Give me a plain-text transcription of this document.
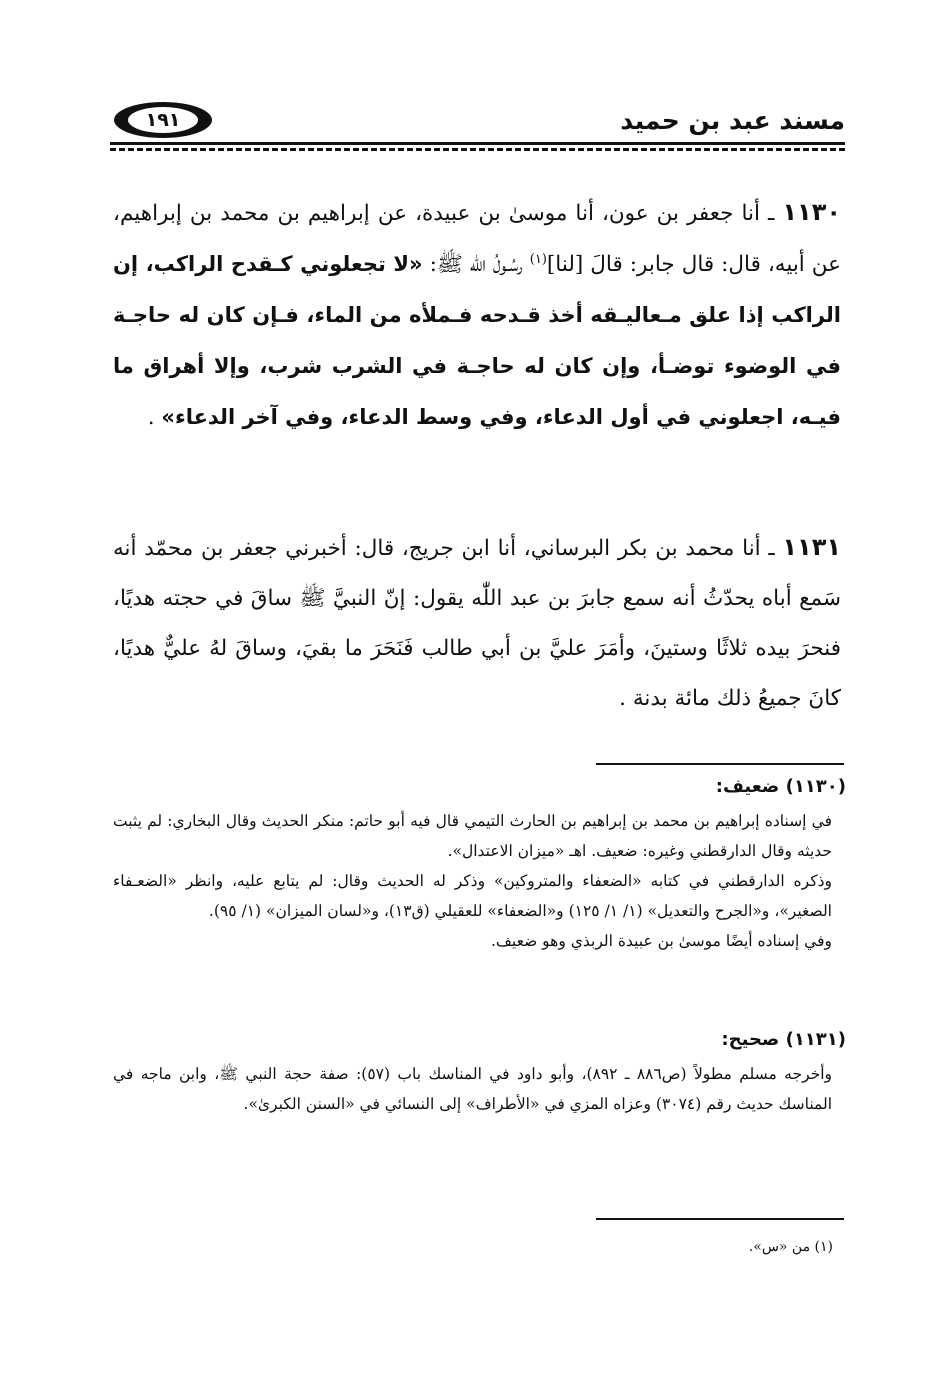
مسند عبد بن حميد
١٩١
١١٣٠ ـ أنا جعفر بن عون، أنا موسىٰ بن عبيدة، عن إبراهيم بن محمد بن إبراهيم، عن أبيه، قال: قال جابر: قالَ [لنا]$^{(١)}$ رسُـولُ اللّٰه ﷺ: «لا تجعلوني كـقدح الراكب، إن الراكب إذا علق مـعاليـقه أخذ قـدحه فـملأه من الماء، فـإن كان له حاجـة في الوضوء توضـأ، وإن كان له حاجـة في الشرب شرب، وإلا أهراق ما فيـه، اجعلوني في أول الدعاء، وفي وسط الدعاء، وفي آخر الدعاء» .
١١٣١ ـ أنا محمد بن بكر البرساني، أنا ابن جريج، قال: أخبرني جعفر بن محمّد أنه سَمع أباه يحدّثُ أنه سمع جابرَ بن عبد اللّٰه يقول: إنّ النبيَّ ﷺ ساقَ في حجته هديًا، فنحرَ بيده ثلاثًا وستينَ، وأمَرَ عليَّ بن أبي طالب فَنَحَرَ ما بقيَ، وساقَ لهُ عليٌّ هديًا، كانَ جميعُ ذلك مائة بدنة .

(١١٣٠) ضعيف:

في إسناده إبراهيم بن محمد بن إبراهيم بن الحارث التيمي قال فيه أبو حاتم: منكر الحديث وقال البخاري: لم يثبت حديثه وقال الدارقطني وغيره: ضعيف. اهـ «ميزان الاعتدال».

وذكره الدارقطني في كتابه «الضعفاء والمتروكين» وذكر له الحديث وقال: لم يتابع عليه، وانظر «الضعـفاء الصغير»، و«الجرح والتعديل» (١/ ١/ ١٢٥) و«الضعفاء» للعقيلي (ق١٣)، و«لسان الميزان» (١/ ٩٥).

وفي إسناده أيضًا موسىٰ بن عبيدة الربذي وهو ضعيف.

(١١٣١) صحيح:

وأخرجه مسلم مطولاً (ص٨٨٦ ـ ٨٩٢)، وأبو داود في المناسك باب (٥٧): صفة حجة النبي ﷺ، وابن ماجه في المناسك حديث رقم (٣٠٧٤) وعزاه المزي في «الأطراف» إلى النسائي في «السنن الكبرىٰ».

(١) من «س».
